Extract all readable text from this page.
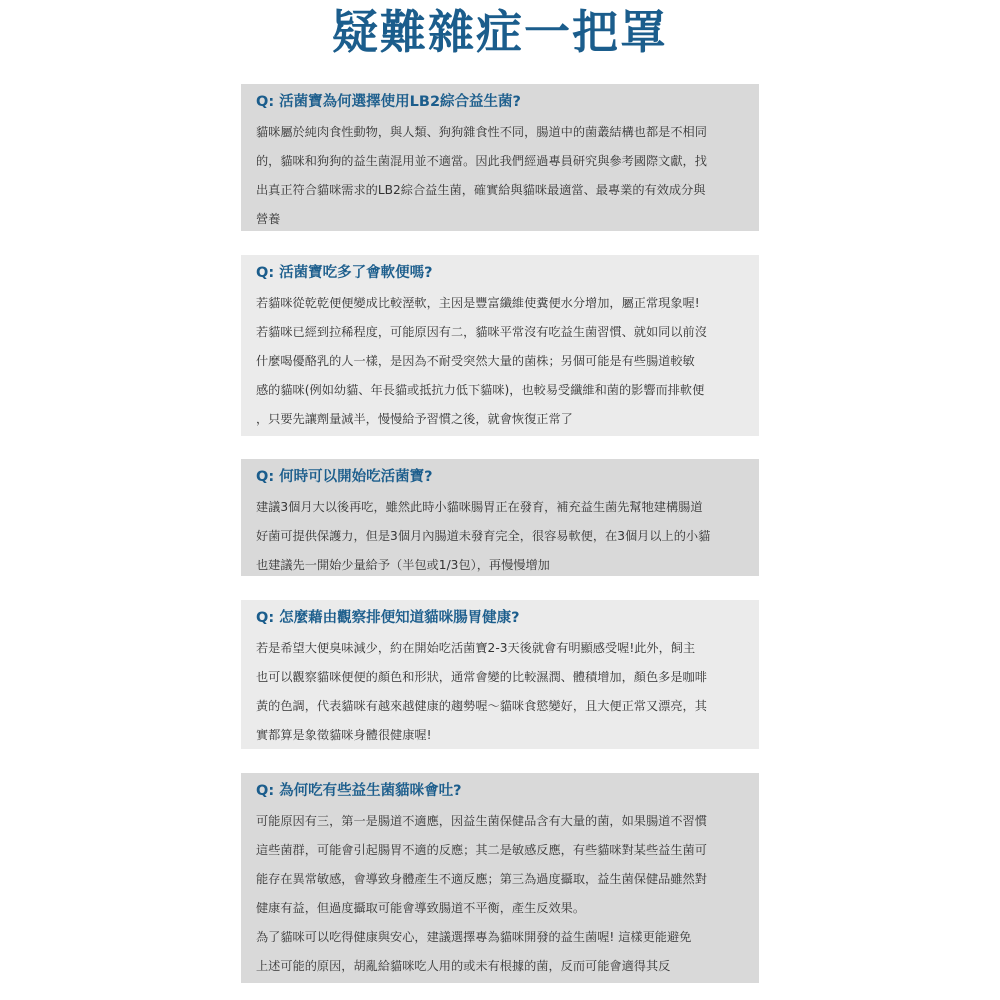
疑難雜症一把罩
Q: 活菌寶為何選擇使用LB2綜合益生菌?
貓咪屬於純肉食性動物，與人類、狗狗雜食性不同，腸道中的菌叢結構也都是不相同
的，貓咪和狗狗的益生菌混用並不適當。因此我們經過專員研究與參考國際文獻，找
出真正符合貓咪需求的LB2綜合益生菌，確實給與貓咪最適當、最專業的有效成分與
營養
Q: 活菌寶吃多了會軟便嗎?
若貓咪從乾乾便便變成比較溼軟，主因是豐富纖維使糞便水分增加，屬正常現象喔!
若貓咪已經到拉稀程度，可能原因有二，貓咪平常沒有吃益生菌習慣、就如同以前沒
什麼喝優酪乳的人一樣，是因為不耐受突然大量的菌株；另個可能是有些腸道較敏
感的貓咪(例如幼貓、年長貓或抵抗力低下貓咪)，也較易受纖維和菌的影響而排軟便
，只要先讓劑量減半，慢慢給予習慣之後，就會恢復正常了
Q: 何時可以開始吃活菌寶?
建議3個月大以後再吃，雖然此時小貓咪腸胃正在發育，補充益生菌先幫牠建構腸道
好菌可提供保護力，但是3個月內腸道未發育完全，很容易軟便，在3個月以上的小貓
也建議先一開始少量給予（半包或1/3包），再慢慢增加
Q: 怎麼藉由觀察排便知道貓咪腸胃健康?
若是希望大便臭味減少，約在開始吃活菌寶2-3天後就會有明顯感受喔!此外，飼主
也可以觀察貓咪便便的顏色和形狀，通常會變的比較濕潤、體積增加，顏色多是咖啡
黃的色調，代表貓咪有越來越健康的趨勢喔～貓咪食慾變好，且大便正常又漂亮，其
實都算是象徵貓咪身體很健康喔!
Q: 為何吃有些益生菌貓咪會吐?
可能原因有三，第一是腸道不適應，因益生菌保健品含有大量的菌，如果腸道不習慣
這些菌群，可能會引起腸胃不適的反應；其二是敏感反應，有些貓咪對某些益生菌可
能存在異常敏感，會導致身體產生不適反應；第三為過度攝取，益生菌保健品雖然對
健康有益，但過度攝取可能會導致腸道不平衡，產生反效果。
為了貓咪可以吃得健康與安心，建議選擇專為貓咪開發的益生菌喔! 這樣更能避免
上述可能的原因，胡亂給貓咪吃人用的或未有根據的菌，反而可能會適得其反
